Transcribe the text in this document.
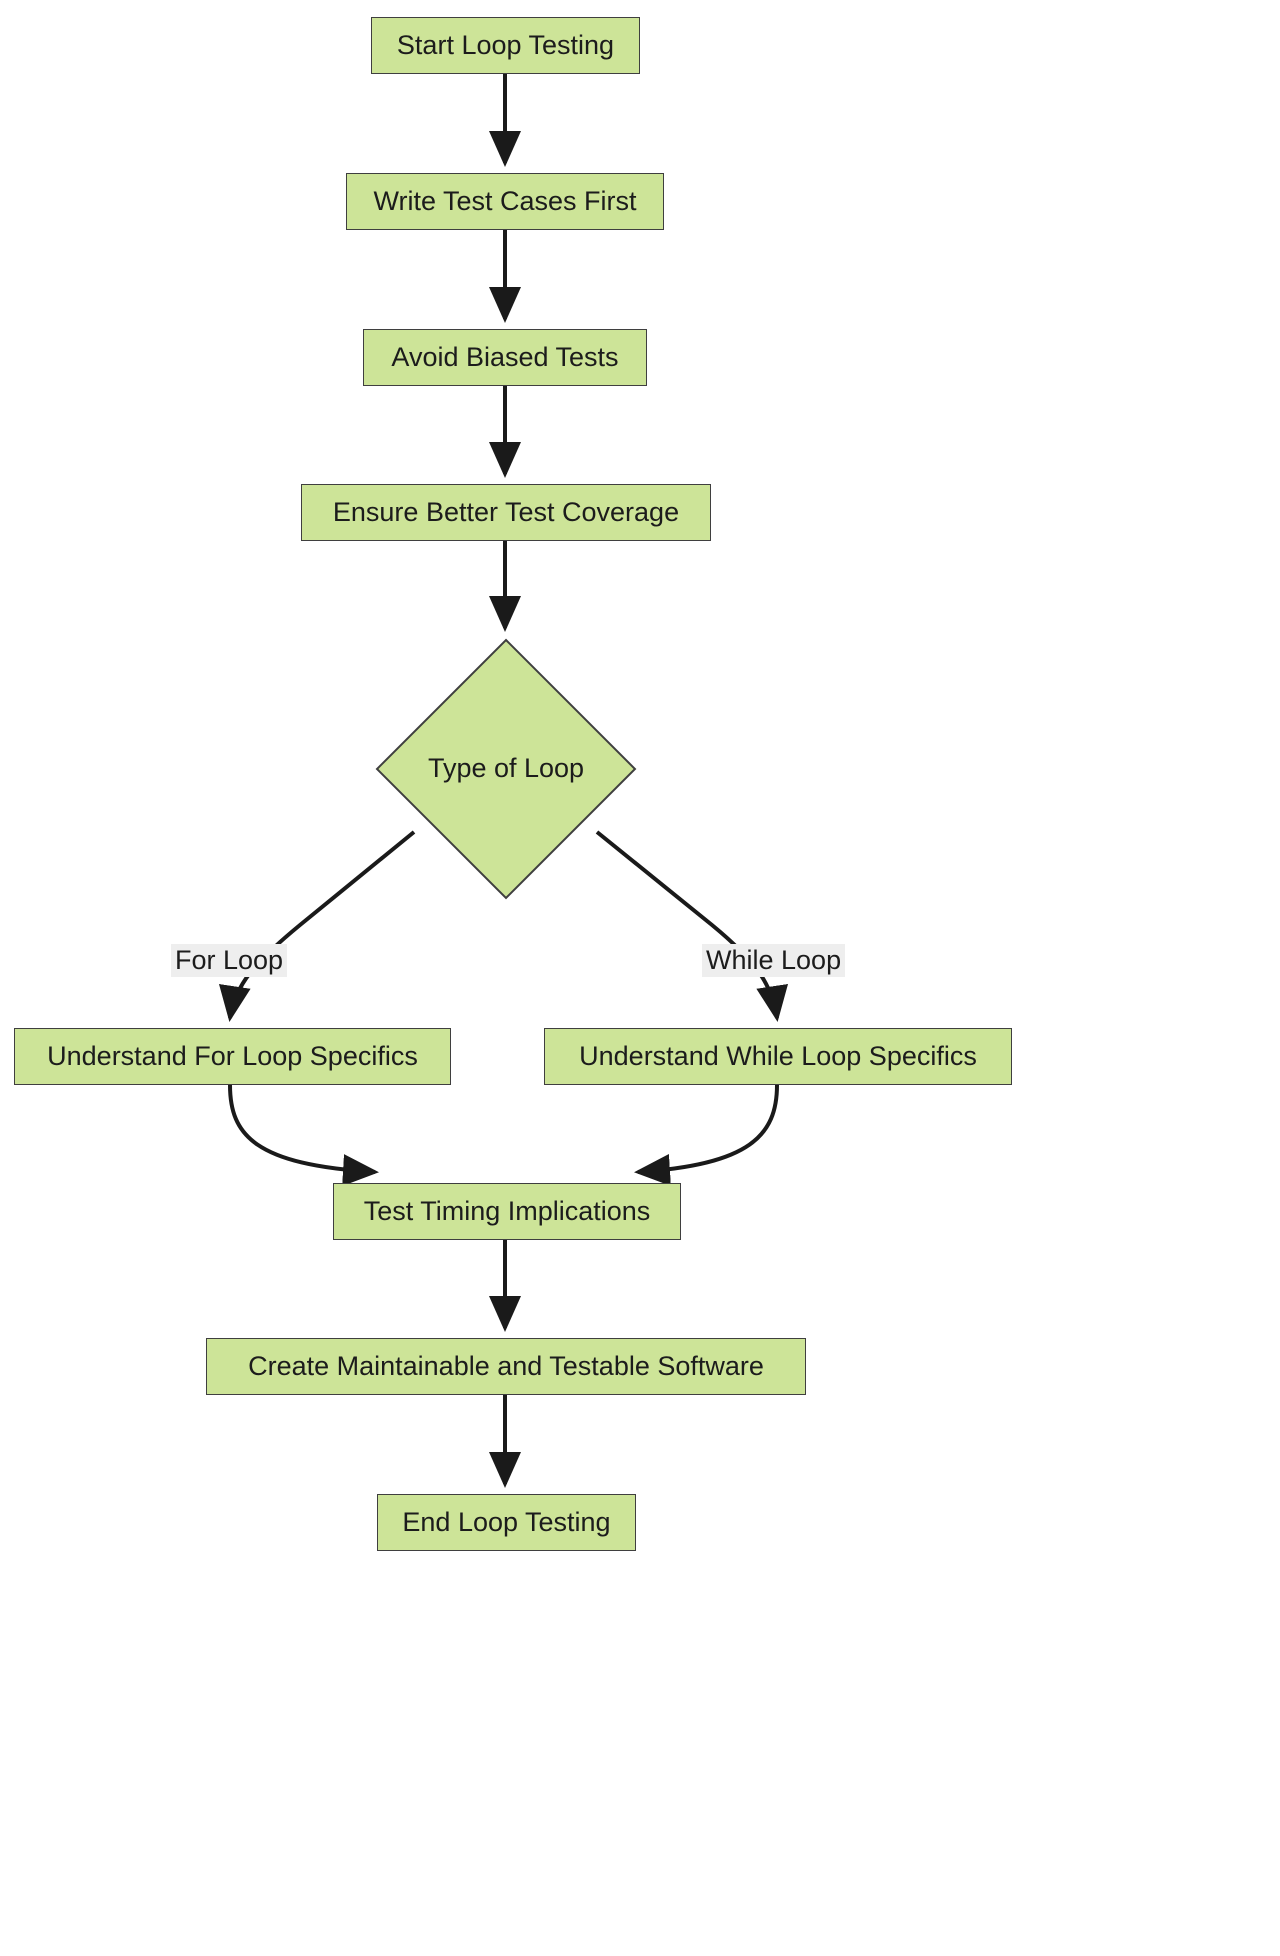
Start Loop Testing
Write Test Cases First
Avoid Biased Tests
Ensure Better Test Coverage
Type of Loop
Understand For Loop Specifics	Understand While Loop Specifics
Test Timing Implications
Create Maintainable and Testable Software
End Loop Testing
For Loop	While Loop
